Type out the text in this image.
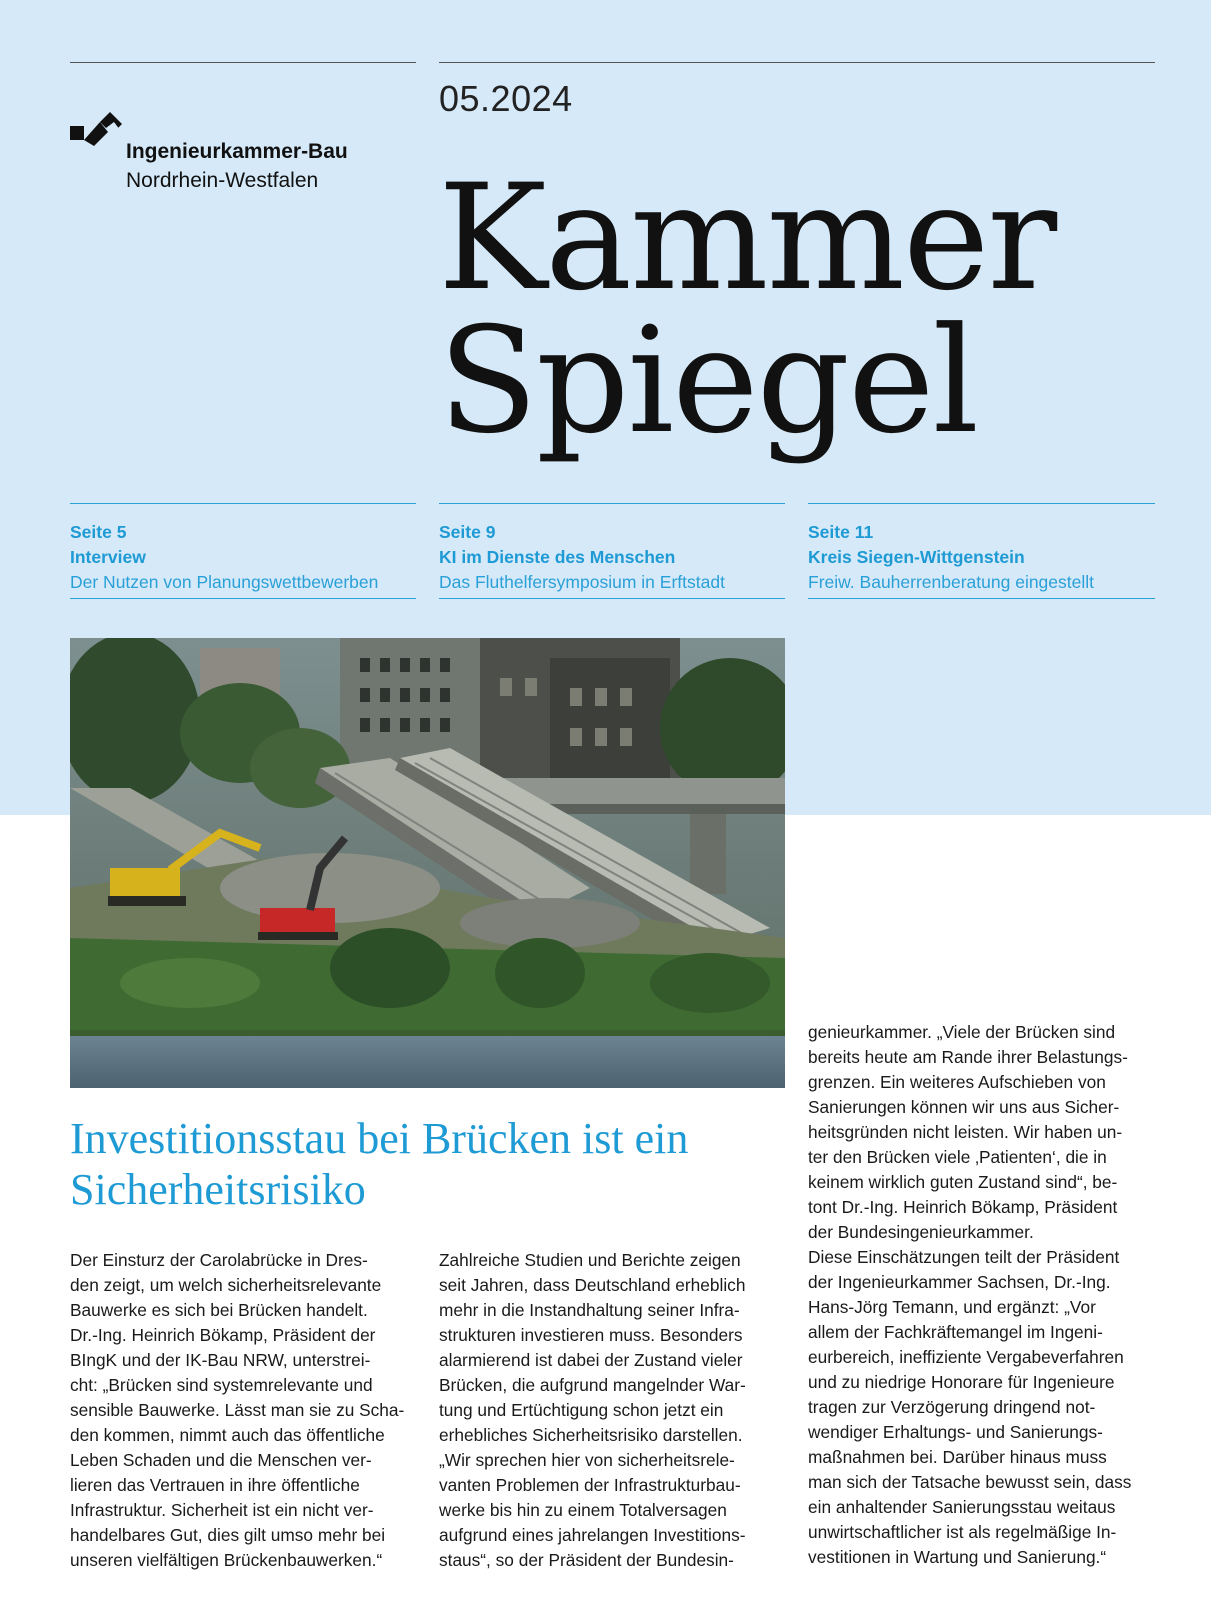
Ingenieurkammer-Bau
Nordrhein-Westfalen
05.2024
Kammer
Spiegel
Seite 5
Interview
Der Nutzen von Planungswettbewerben
Seite 9
KI im Dienste des Menschen
Das Fluthelfersymposium in Erftstadt
Seite 11
Kreis Siegen-Wittgenstein
Freiw. Bauherrenberatung eingestellt
Investitionsstau bei Brücken ist ein
Sicherheitsrisiko
Der Einsturz der Carolabrücke in Dres-
den zeigt, um welch sicherheitsrelevante
Bauwerke es sich bei Brücken handelt.
Dr.-Ing. Heinrich Bökamp, Präsident der
BIngK und der IK-Bau NRW, unterstrei-
cht: „Brücken sind systemrelevante und
sensible Bauwerke. Lässt man sie zu Scha-
den kommen, nimmt auch das öffentliche
Leben Schaden und die Menschen ver-
lieren das Vertrauen in ihre öffentliche
Infrastruktur. Sicherheit ist ein nicht ver-
handelbares Gut, dies gilt umso mehr bei
unseren vielfältigen Brückenbauwerken.“
Zahlreiche Studien und Berichte zeigen
seit Jahren, dass Deutschland erheblich
mehr in die Instandhaltung seiner Infra-
strukturen investieren muss. Besonders
alarmierend ist dabei der Zustand vieler
Brücken, die aufgrund mangelnder War-
tung und Ertüchtigung schon jetzt ein
erhebliches Sicherheitsrisiko darstellen.
„Wir sprechen hier von sicherheitsrele-
vanten Problemen der Infrastrukturbau-
werke bis hin zu einem Totalversagen
aufgrund eines jahrelangen Investitions-
staus“, so der Präsident der Bundesin-
genieurkammer. „Viele der Brücken sind
bereits heute am Rande ihrer Belastungs-
grenzen. Ein weiteres Aufschieben von
Sanierungen können wir uns aus Sicher-
heitsgründen nicht leisten. Wir haben un-
ter den Brücken viele ‚Patienten‘, die in
keinem wirklich guten Zustand sind“, be-
tont Dr.-Ing. Heinrich Bökamp, Präsident
der Bundesingenieurkammer.
Diese Einschätzungen teilt der Präsident
der Ingenieurkammer Sachsen, Dr.-Ing.
Hans-Jörg Temann, und ergänzt: „Vor
allem der Fachkräftemangel im Ingeni-
eurbereich, ineffiziente Vergabeverfahren
und zu niedrige Honorare für Ingenieure
tragen zur Verzögerung dringend not-
wendiger Erhaltungs- und Sanierungs-
maßnahmen bei. Darüber hinaus muss
man sich der Tatsache bewusst sein, dass
ein anhaltender Sanierungsstau weitaus
unwirtschaftlicher ist als regelmäßige In-
vestitionen in Wartung und Sanierung.“
